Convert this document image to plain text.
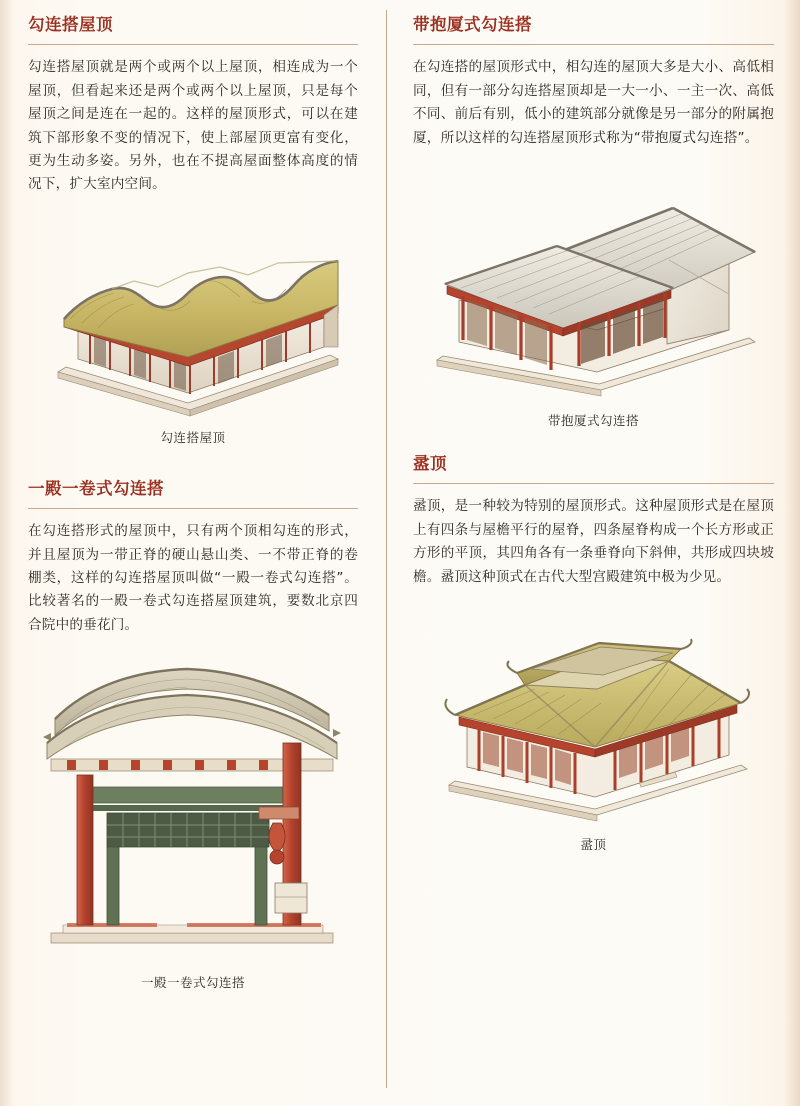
勾连搭屋顶

勾连搭屋顶就是两个或两个以上屋顶，相连成为一个屋顶，但看起来还是两个或两个以上屋顶，只是每个屋顶之间是连在一起的。这样的屋顶形式，可以在建筑下部形象不变的情况下，使上部屋顶更富有变化，更为生动多姿。另外，也在不提高屋面整体高度的情况下，扩大室内空间。

勾连搭屋顶
一殿一卷式勾连搭

在勾连搭形式的屋顶中，只有两个顶相勾连的形式，并且屋顶为一带正脊的硬山悬山类、一不带正脊的卷棚类，这样的勾连搭屋顶叫做“一殿一卷式勾连搭”。比较著名的一殿一卷式勾连搭屋顶建筑，要数北京四合院中的垂花门。

一殿一卷式勾连搭
带抱厦式勾连搭

在勾连搭的屋顶形式中，相勾连的屋顶大多是大小、高低相同，但有一部分勾连搭屋顶却是一大一小、一主一次、高低不同、前后有别，低小的建筑部分就像是另一部分的附属抱厦，所以这样的勾连搭屋顶形式称为“带抱厦式勾连搭”。

带抱厦式勾连搭
盝顶

盝顶，是一种较为特别的屋顶形式。这种屋顶形式是在屋顶上有四条与屋檐平行的屋脊，四条屋脊构成一个长方形或正方形的平顶，其四角各有一条垂脊向下斜伸，共形成四块坡檐。盝顶这种顶式在古代大型宫殿建筑中极为少见。

盝顶
